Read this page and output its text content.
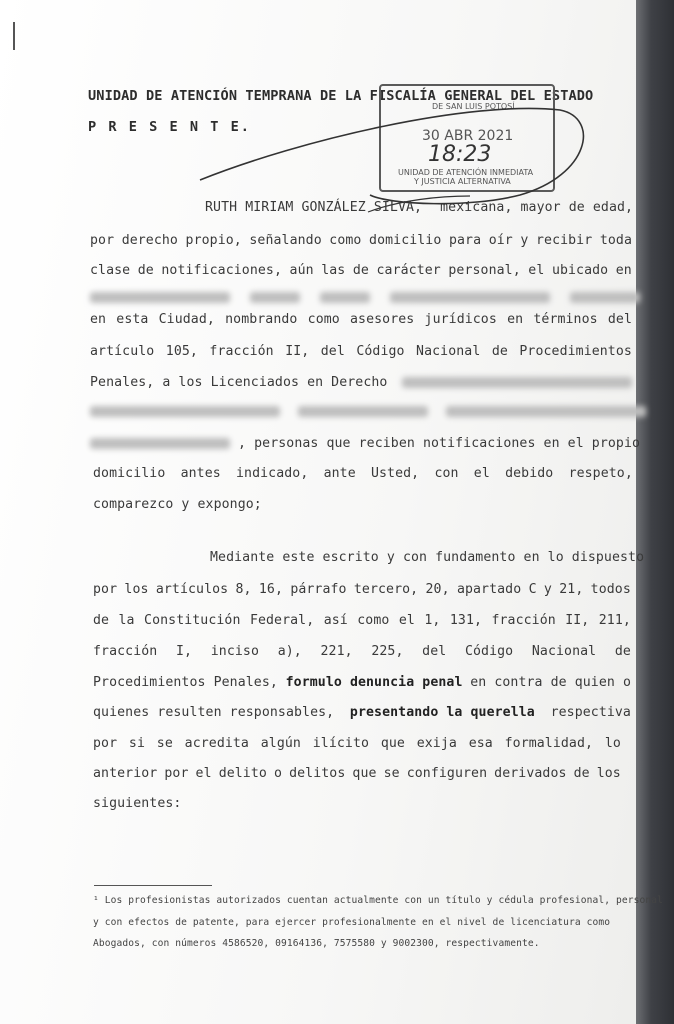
UNIDAD DE ATENCIÓN TEMPRANA DE LA FISCALÍA GENERAL DEL ESTADO
P R E S E N T E.
DE SAN LUIS POTOSÍ
30 ABR 2021
18:23
UNIDAD DE ATENCIÓN INMEDIATA
Y JUSTICIA ALTERNATIVA
RUTH MIRIAM GONZÁLEZ SILVA, mexicana, mayor de edad,
por derecho propio, señalando como domicilio para oír y recibir toda
clase de notificaciones, aún las de carácter personal, el ubicado en

en esta Ciudad, nombrando como asesores jurídicos en términos del
artículo 105, fracción II, del Código Nacional de Procedimientos
Penales, a los Licenciados en Derecho

, personas que reciben notificaciones en el propio
domicilio antes indicado, ante Usted, con el debido respeto,
comparezco y expongo;
Mediante este escrito y con fundamento en lo dispuesto
por los artículos 8, 16, párrafo tercero, 20, apartado C y 21, todos
de la Constitución Federal, así como el 1, 131, fracción II, 211,
fracción I, inciso a), 221, 225, del Código Nacional de
Procedimientos Penales, formulo denuncia penal en contra de quien o
quienes resulten responsables, presentando la querella respectiva
por si se acredita algún ilícito que exija esa formalidad, lo
anterior por el delito o delitos que se configuren derivados de los
siguientes:
¹ Los profesionistas autorizados cuentan actualmente con un título y cédula profesional, personal
y con efectos de patente, para ejercer profesionalmente en el nivel de licenciatura como
Abogados, con números 4586520, 09164136, 7575580 y 9002300, respectivamente.
